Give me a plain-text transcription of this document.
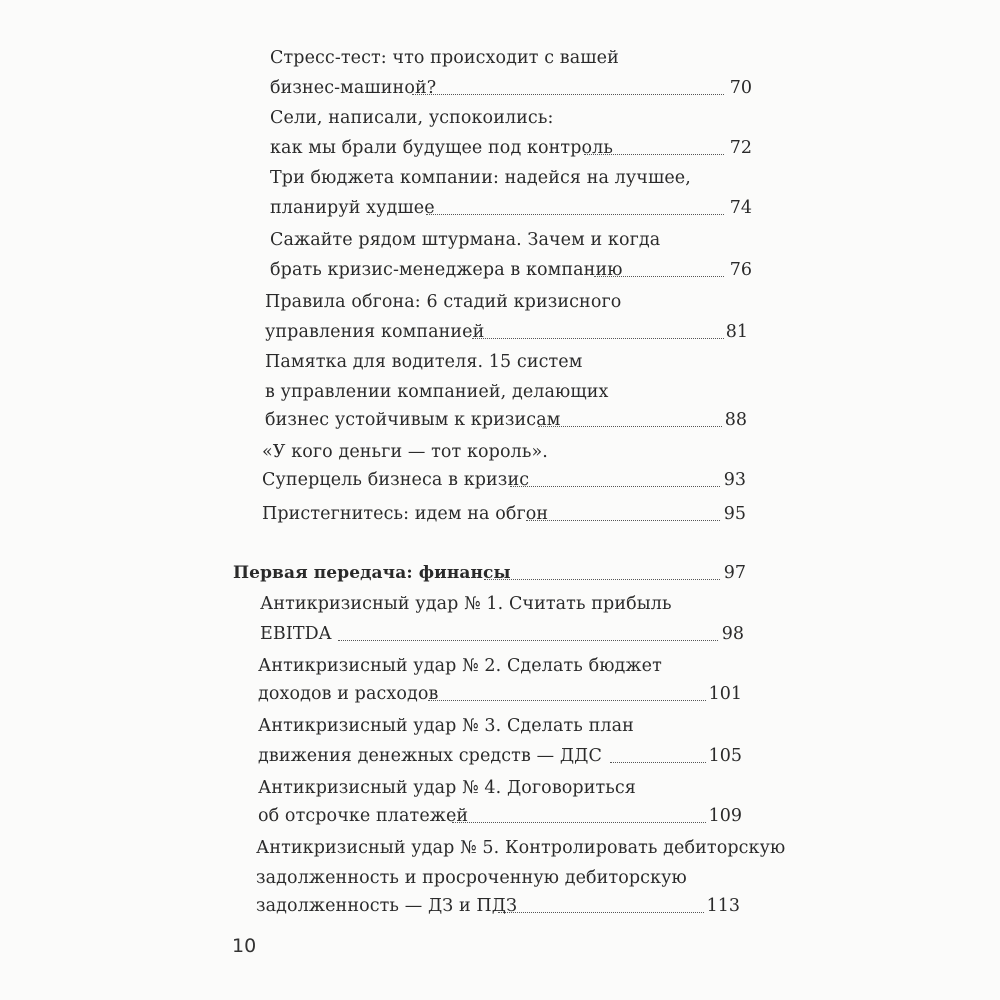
Стресс-тест: что происходит с вашей
бизнес-машиной?	70
Сели, написали, успокоились:
как мы брали будущее под контроль	72
Три бюджета компании: надейся на лучшее,
планируй худшее	74
Сажайте рядом штурмана. Зачем и когда
брать кризис-менеджера в компанию	76
Правила обгона: 6 стадий кризисного
управления компанией	81
Памятка для водителя. 15 систем
в управлении компанией, делающих
бизнес устойчивым к кризисам	88
«У кого деньги — тот король».
Суперцель бизнеса в кризис	93
Пристегнитесь: идем на обгон	95
Первая передача: финансы	97
Антикризисный удар № 1. Считать прибыль
EBITDA	98
Антикризисный удар № 2. Сделать бюджет
доходов и расходов	101
Антикризисный удар № 3. Сделать план
движения денежных средств — ДДС	105
Антикризисный удар № 4. Договориться
об отсрочке платежей	109
Антикризисный удар № 5. Контролировать дебиторскую
задолженность и просроченную дебиторскую
задолженность — ДЗ и ПДЗ	113
10
